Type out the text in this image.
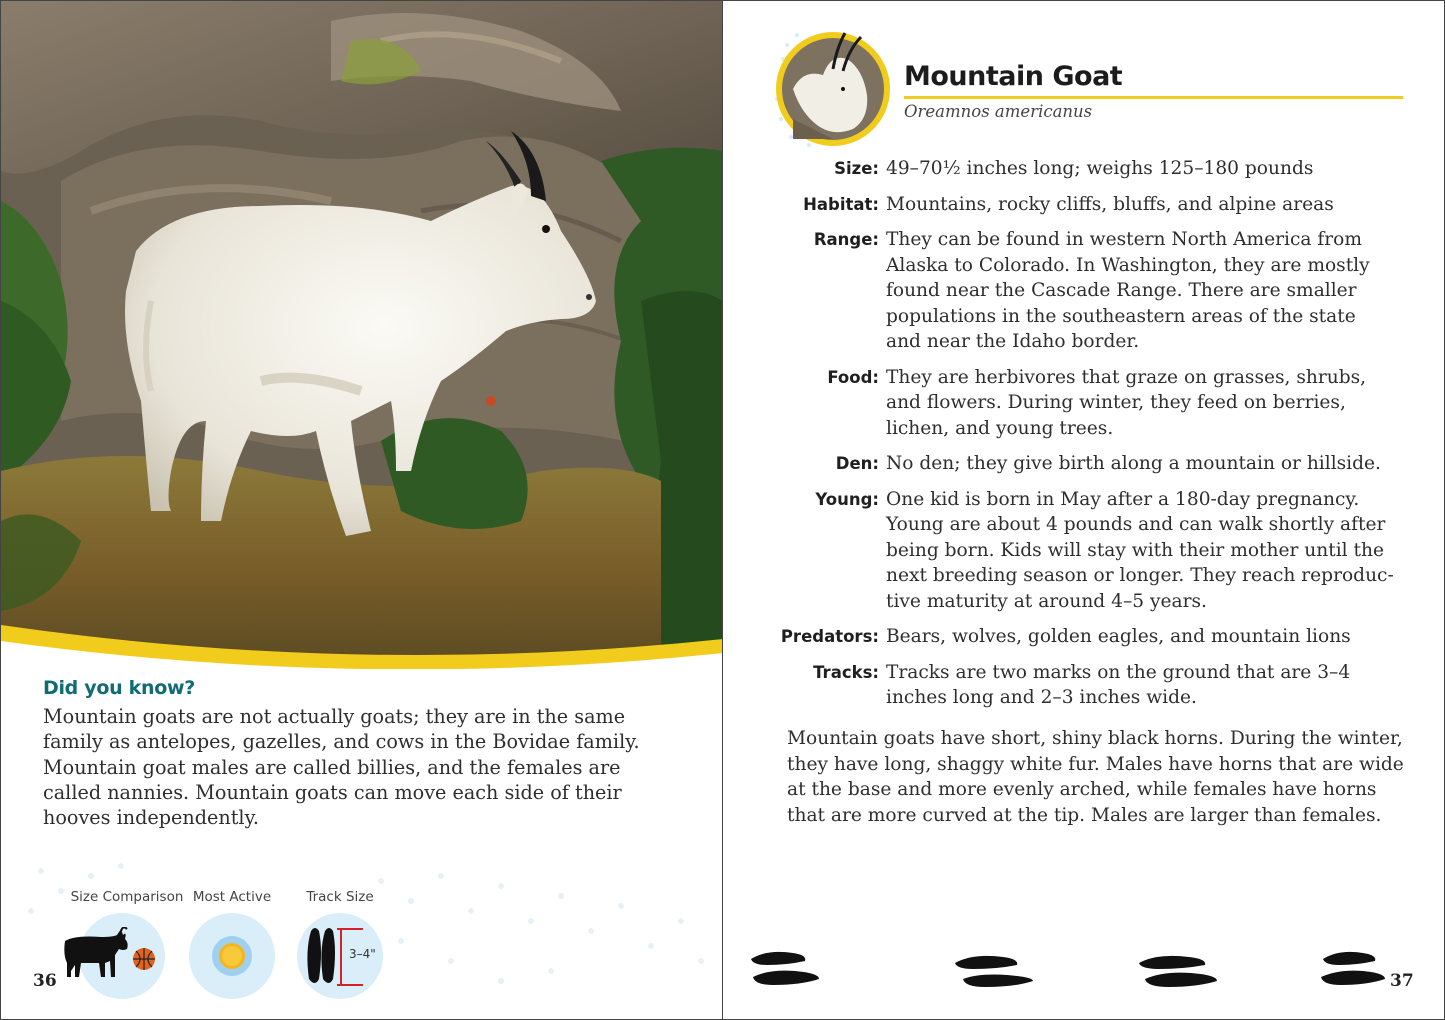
Did you know?
Mountain goats are not actually goats; they are in the same
family as antelopes, gazelles, and cows in the Bovidae family.
Mountain goat males are called billies, and the females are
called nannies. Mountain goats can move each side of their
hooves independently.
Size Comparison Most Active	Track Size
3–4"
36
Mountain Goat
Oreamnos americanus
Size: 49–70½ inches long; weighs 125–180 pounds
Habitat: Mountains, rocky cliffs, bluffs, and alpine areas
Range: They can be found in western North America from
Alaska to Colorado. In Washington, they are mostly
found near the Cascade Range. There are smaller
populations in the southeastern areas of the state
and near the Idaho border.
Food: They are herbivores that graze on grasses, shrubs,
and flowers. During winter, they feed on berries,
lichen, and young trees.
Den: No den; they give birth along a mountain or hillside.
Young: One kid is born in May after a 180-day pregnancy.
Young are about 4 pounds and can walk shortly after
being born. Kids will stay with their mother until the
next breeding season or longer. They reach reproduc-
tive maturity at around 4–5 years.
Predators: Bears, wolves, golden eagles, and mountain lions
Tracks: Tracks are two marks on the ground that are 3–4
inches long and 2–3 inches wide.
Mountain goats have short, shiny black horns. During the winter,
they have long, shaggy white fur. Males have horns that are wide
at the base and more evenly arched, while females have horns
that are more curved at the tip. Males are larger than females.
37
